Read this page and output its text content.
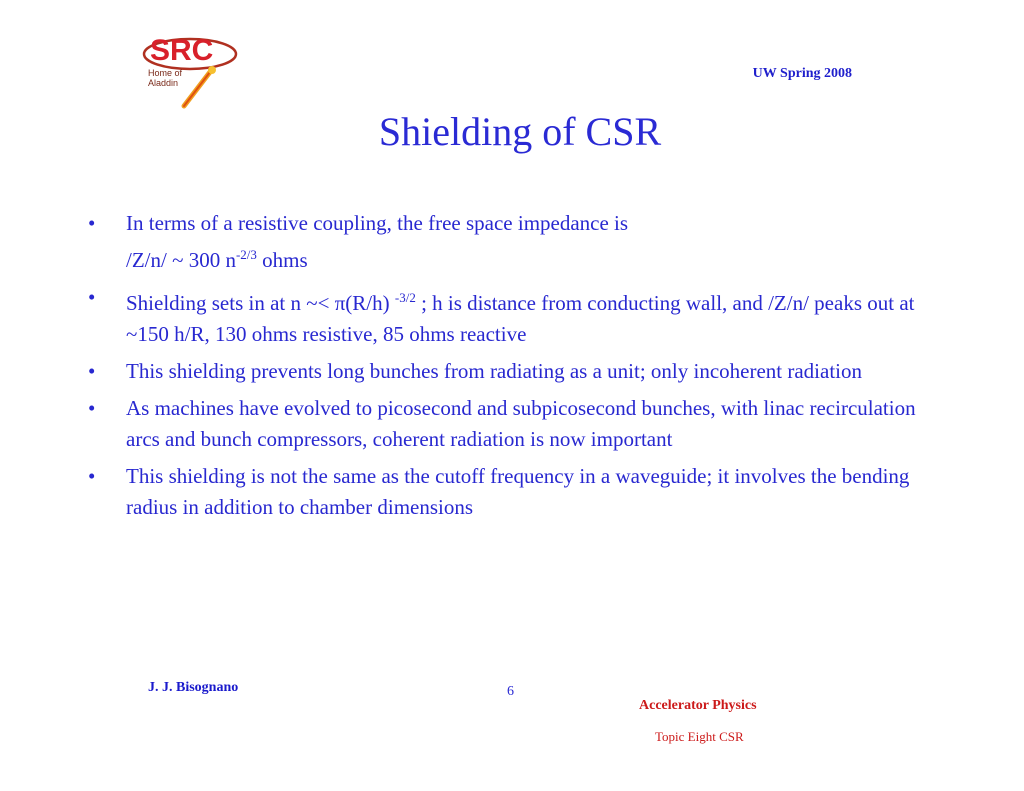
SRC
Home of
Aladdin
UW Spring 2008
Shielding of CSR
• In terms of a resistive coupling, the free space impedance is
/Z/n/ ~ 300 $n^{-2/3}$ ohms
• Shielding sets in at n ~< π(R/h) $^{-3/2}$ ; h is distance from conducting wall, and /Z/n/ peaks out at ~150 h/R, 130 ohms resistive, 85 ohms reactive
• This shielding prevents long bunches from radiating as a unit; only incoherent radiation
• As machines have evolved to picosecond and subpicosecond bunches, with linac recirculation arcs and bunch compressors, coherent radiation is now important
• This shielding is not the same as the cutoff frequency in a waveguide; it involves the bending radius in addition to chamber dimensions
J. J. Bisognano	6
Accelerator Physics
Topic Eight CSR
